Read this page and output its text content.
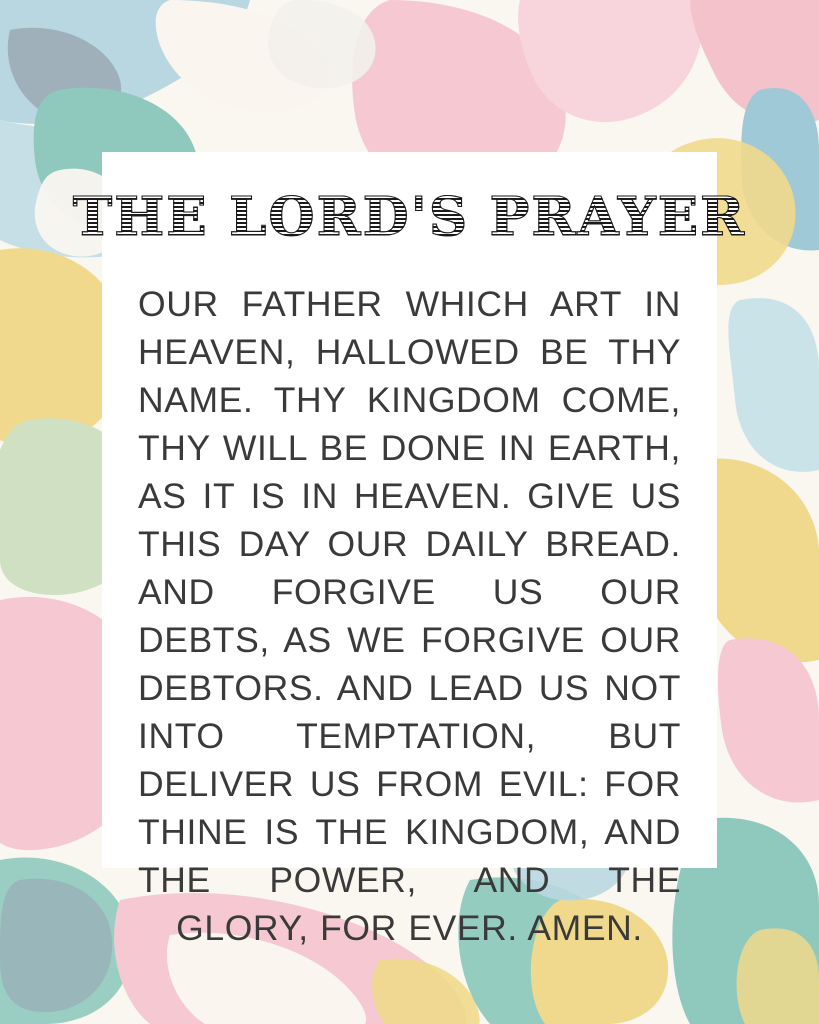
THE LORD'S PRAYER

OUR FATHER WHICH ART IN HEAVEN, HALLOWED BE THY NAME. THY KINGDOM COME, THY WILL BE DONE IN EARTH, AS IT IS IN HEAVEN. GIVE US THIS DAY OUR DAILY BREAD. AND FORGIVE US OUR DEBTS, AS WE FORGIVE OUR DEBTORS. AND LEAD US NOT INTO TEMPTATION, BUT DELIVER US FROM EVIL: FOR THINE IS THE KINGDOM, AND THE POWER, AND THE GLORY, FOR EVER. AMEN.
